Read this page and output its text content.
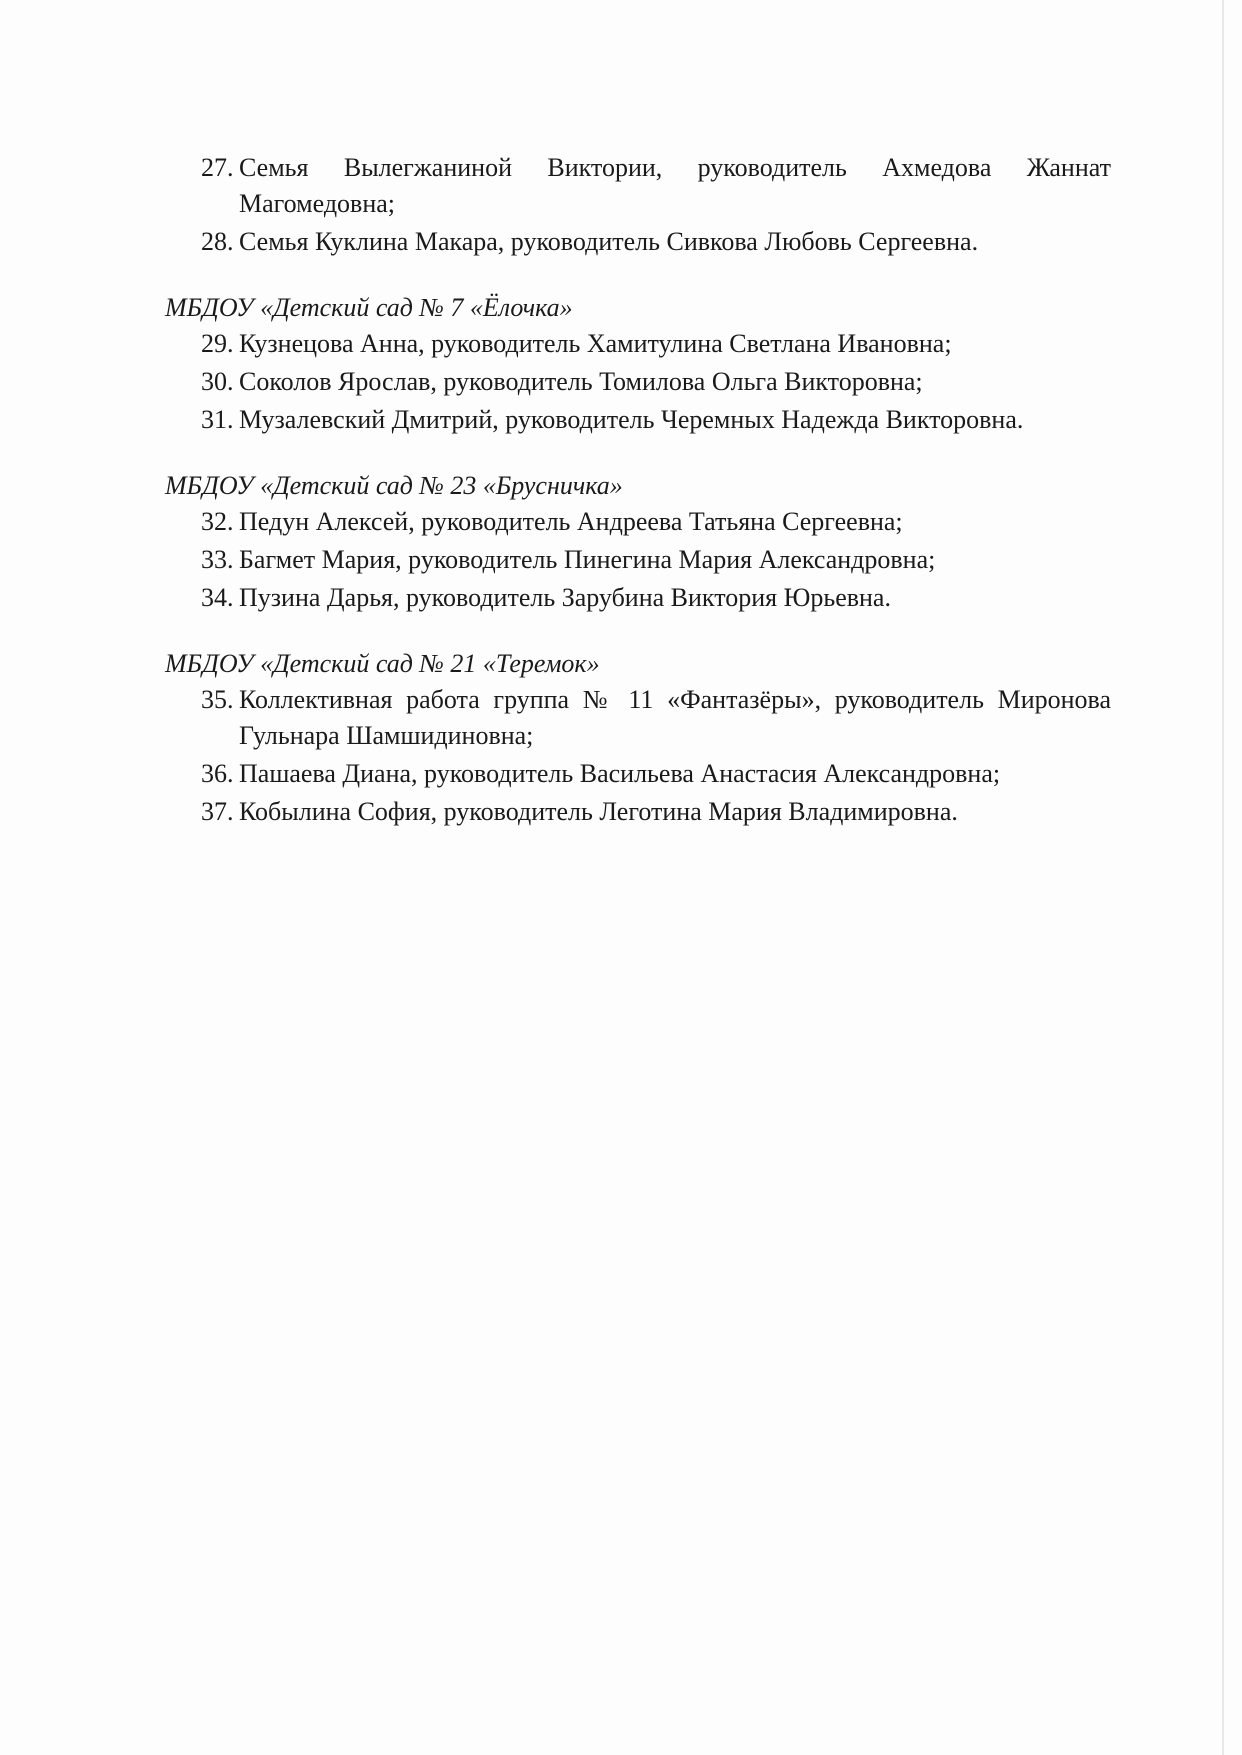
27. Семья Вылегжаниной Виктории, руководитель Ахмедова Жаннат Магомедовна;
28. Семья Куклина Макара, руководитель Сивкова Любовь Сергеевна.

МБДОУ «Детский сад № 7 «Ёлочка»

29. Кузнецова Анна, руководитель Хамитулина Светлана Ивановна;
30. Соколов Ярослав, руководитель Томилова Ольга Викторовна;
31. Музалевский Дмитрий, руководитель Черемных Надежда Викторовна.

МБДОУ «Детский сад № 23 «Брусничка»

32. Педун Алексей, руководитель Андреева Татьяна Сергеевна;
33. Багмет Мария, руководитель Пинегина Мария Александровна;
34. Пузина Дарья, руководитель Зарубина Виктория Юрьевна.

МБДОУ «Детский сад № 21 «Теремок»

35. Коллективная работа группа № 11 «Фантазёры», руководитель Миронова Гульнара Шамшидиновна;
36. Пашаева Диана, руководитель Васильева Анастасия Александровна;
37. Кобылина София, руководитель Леготина Мария Владимировна.
